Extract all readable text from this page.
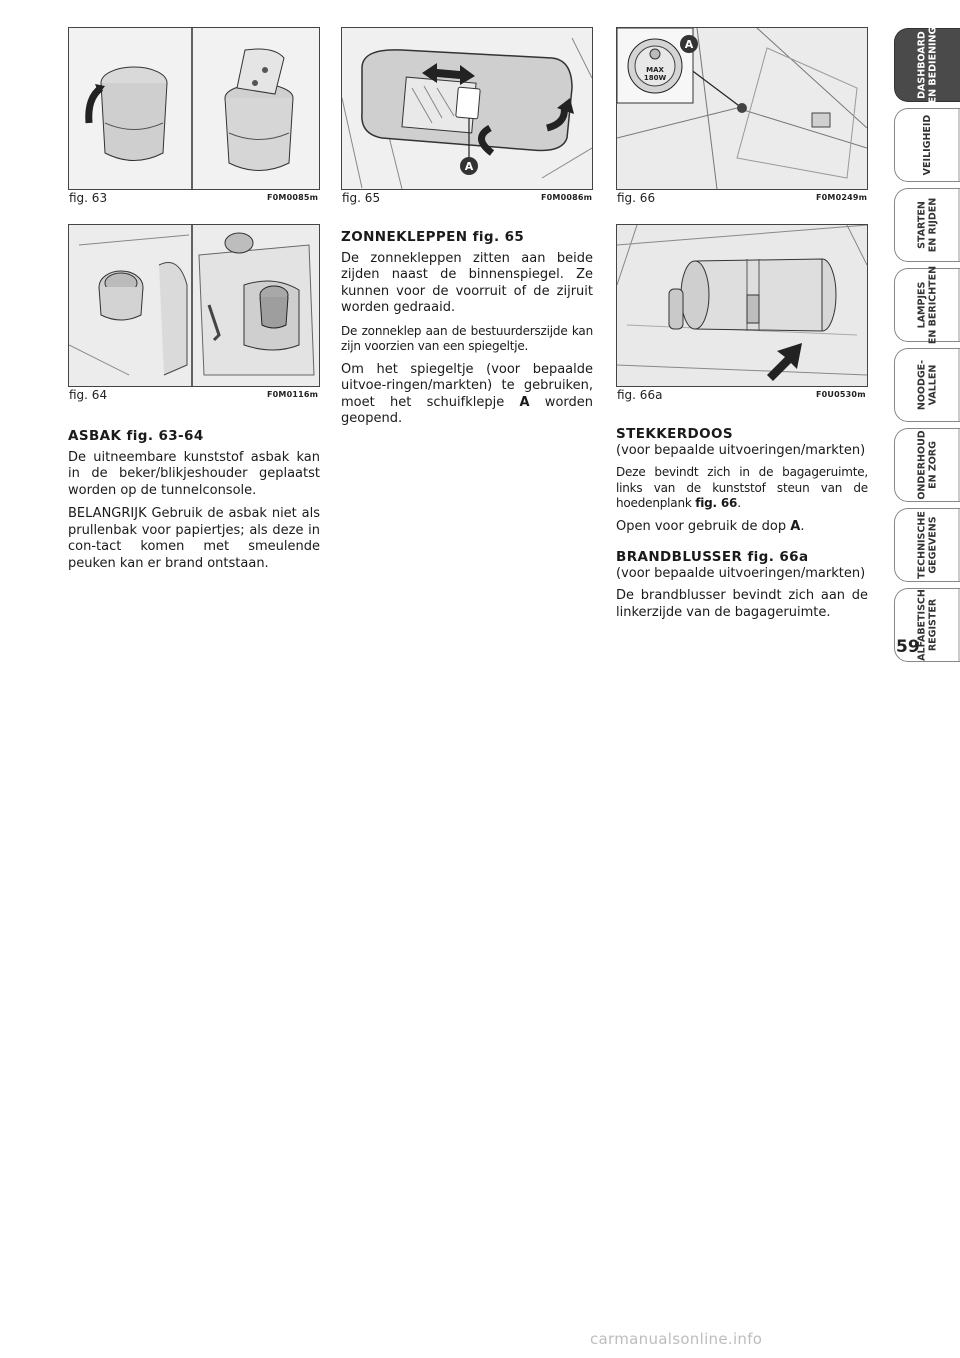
fig. 63	F0M0085m
fig. 64	F0M0116m
A
fig. 65	F0M0086m
MAX
180W
A
fig. 66	F0M0249m
fig. 66a	F0U0530m
ASBAK fig. 63-64

De uitneembare kunststof asbak kan in de beker/blikjeshouder geplaatst worden op de tunnelconsole.

BELANGRIJK Gebruik de asbak niet als prullenbak voor papiertjes; als deze in con-tact komen met smeulende peuken kan er brand ontstaan.

ZONNEKLEPPEN fig. 65

De zonnekleppen zitten aan beide zijden naast de binnenspiegel. Ze kunnen voor de voorruit of de zijruit worden gedraaid.

De zonneklep aan de bestuurderszijde kan zijn voorzien van een spiegeltje.

Om het spiegeltje (voor bepaalde uitvoe-ringen/markten) te gebruiken, moet het schuifklepje A worden geopend.

STEKKERDOOS

(voor bepaalde uitvoeringen/markten)

Deze bevindt zich in de bagageruimte, links van de kunststof steun van de hoedenplank fig. 66.

Open voor gebruik de dop A.

BRANDBLUSSER fig. 66a

(voor bepaalde uitvoeringen/markten)

De brandblusser bevindt zich aan de linkerzijde van de bagageruimte.

DASHBOARD
EN BEDIENING
VEILIGHEID
STARTEN
EN RIJDEN
LAMPJES
EN BERICHTEN
NOODGE-
VALLEN
ONDERHOUD
EN ZORG
TECHNISCHE
GEGEVENS
ALFABETISCH
REGISTER
59
carmanualsonline.info
